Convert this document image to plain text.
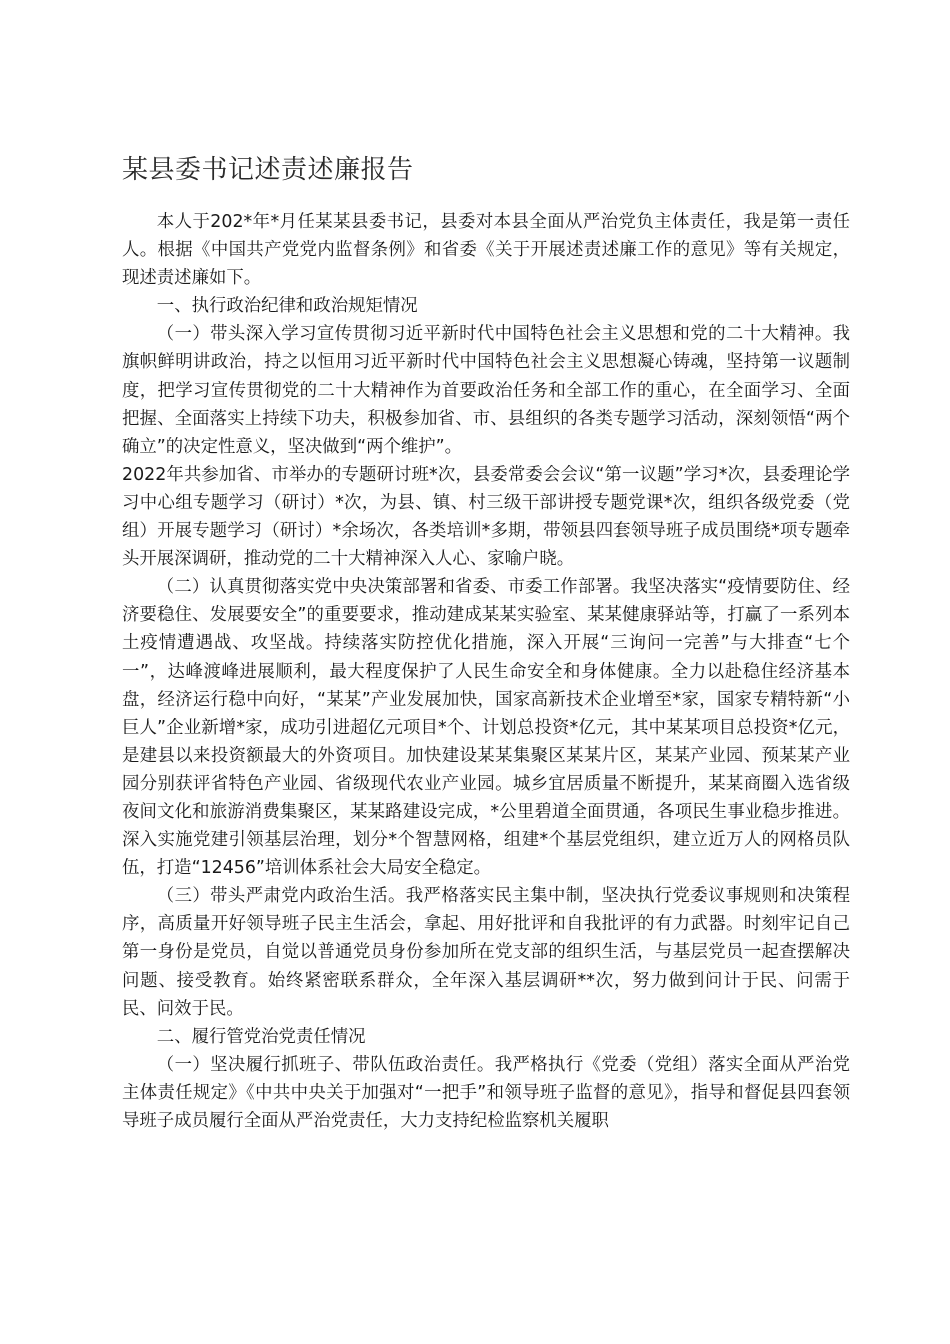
某县委书记述责述廉报告

本人于202*年*月任某某县委书记，县委对本县全面从严治党负主体责任，我是第一责任人。根据《中国共产党党内监督条例》和省委《关于开展述责述廉工作的意见》等有关规定，现述责述廉如下。

一、执行政治纪律和政治规矩情况

（一）带头深入学习宣传贯彻习近平新时代中国特色社会主义思想和党的二十大精神。我旗帜鲜明讲政治，持之以恒用习近平新时代中国特色社会主义思想凝心铸魂，坚持第一议题制度，把学习宣传贯彻党的二十大精神作为首要政治任务和全部工作的重心，在全面学习、全面把握、全面落实上持续下功夫，积极参加省、市、县组织的各类专题学习活动，深刻领悟“两个确立”的决定性意义，坚决做到“两个维护”。

2022年共参加省、市举办的专题研讨班*次，县委常委会会议“第一议题”学习*次，县委理论学习中心组专题学习（研讨）*次，为县、镇、村三级干部讲授专题党课*次，组织各级党委（党组）开展专题学习（研讨）*余场次，各类培训*多期，带领县四套领导班子成员围绕*项专题牵头开展深调研，推动党的二十大精神深入人心、家喻户晓。

（二）认真贯彻落实党中央决策部署和省委、市委工作部署。我坚决落实“疫情要防住、经济要稳住、发展要安全”的重要要求，推动建成某某实验室、某某健康驿站等，打赢了一系列本土疫情遭遇战、攻坚战。持续落实防控优化措施，深入开展“三询问一完善”与大排查“七个一”，达峰渡峰进展顺利，最大程度保护了人民生命安全和身体健康。全力以赴稳住经济基本盘，经济运行稳中向好，“某某”产业发展加快，国家高新技术企业增至*家，国家专精特新“小巨人”企业新增*家，成功引进超亿元项目*个、计划总投资*亿元，其中某某项目总投资*亿元，是建县以来投资额最大的外资项目。加快建设某某集聚区某某片区，某某产业园、预某某产业园分别获评省特色产业园、省级现代农业产业园。城乡宜居质量不断提升，某某商圈入选省级夜间文化和旅游消费集聚区，某某路建设完成，*公里碧道全面贯通，各项民生事业稳步推进。深入实施党建引领基层治理，划分*个智慧网格，组建*个基层党组织，建立近万人的网格员队伍，打造“12456”培训体系社会大局安全稳定。

（三）带头严肃党内政治生活。我严格落实民主集中制，坚决执行党委议事规则和决策程序，高质量开好领导班子民主生活会，拿起、用好批评和自我批评的有力武器。时刻牢记自己第一身份是党员，自觉以普通党员身份参加所在党支部的组织生活，与基层党员一起查摆解决问题、接受教育。始终紧密联系群众，全年深入基层调研**次，努力做到问计于民、问需于民、问效于民。

二、履行管党治党责任情况

（一）坚决履行抓班子、带队伍政治责任。我严格执行《党委（党组）落实全面从严治党主体责任规定》《中共中央关于加强对“一把手”和领导班子监督的意见》，指导和督促县四套领导班子成员履行全面从严治党责任，大力支持纪检监察机关履职
